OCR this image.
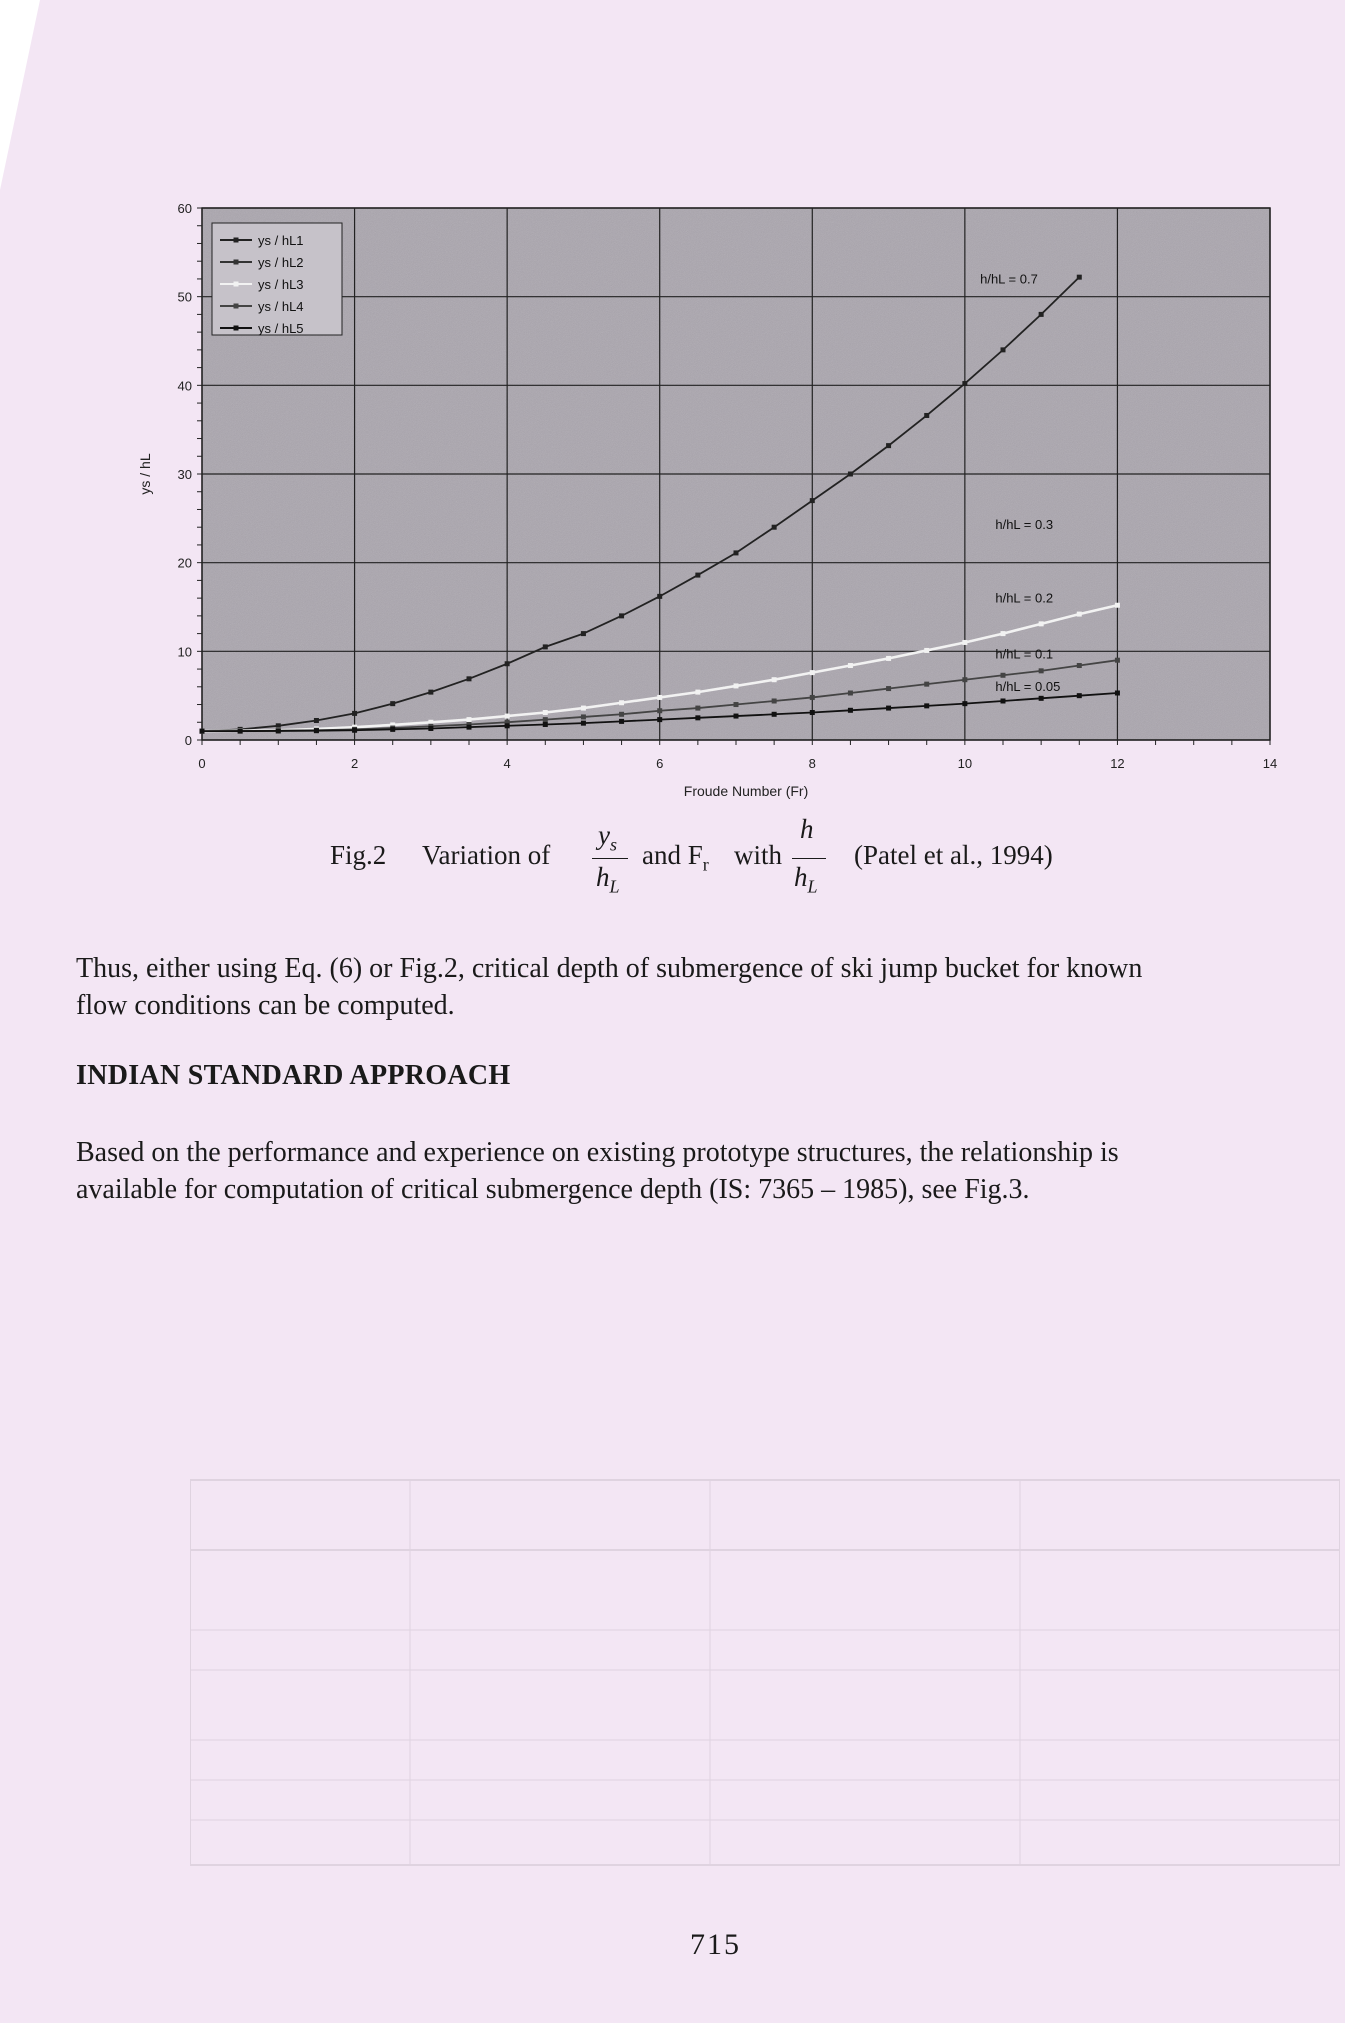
0	2	4	6	8	10	12	14
0
10
20
30
40
50
60
Froude Number (Fr)
ys / hL
h/hL = 0.7
h/hL = 0.3
h/hL = 0.2
h/hL = 0.1
h/hL = 0.05
ys / hL1
ys / hL2
ys / hL3
ys / hL4
ys / hL5
Fig.2 Variation of
$y_s$
$h_L$
and $F_r$ with
h
$h_L$
(Patel et al., 1994)
Thus, either using Eq. (6) or Fig.2, critical depth of submergence of ski jump bucket for known
flow conditions can be computed.
INDIAN STANDARD APPROACH
Based on the performance and experience on existing prototype structures, the relationship is
available for computation of critical submergence depth (IS: 7365 – 1985), see Fig.3.
715
